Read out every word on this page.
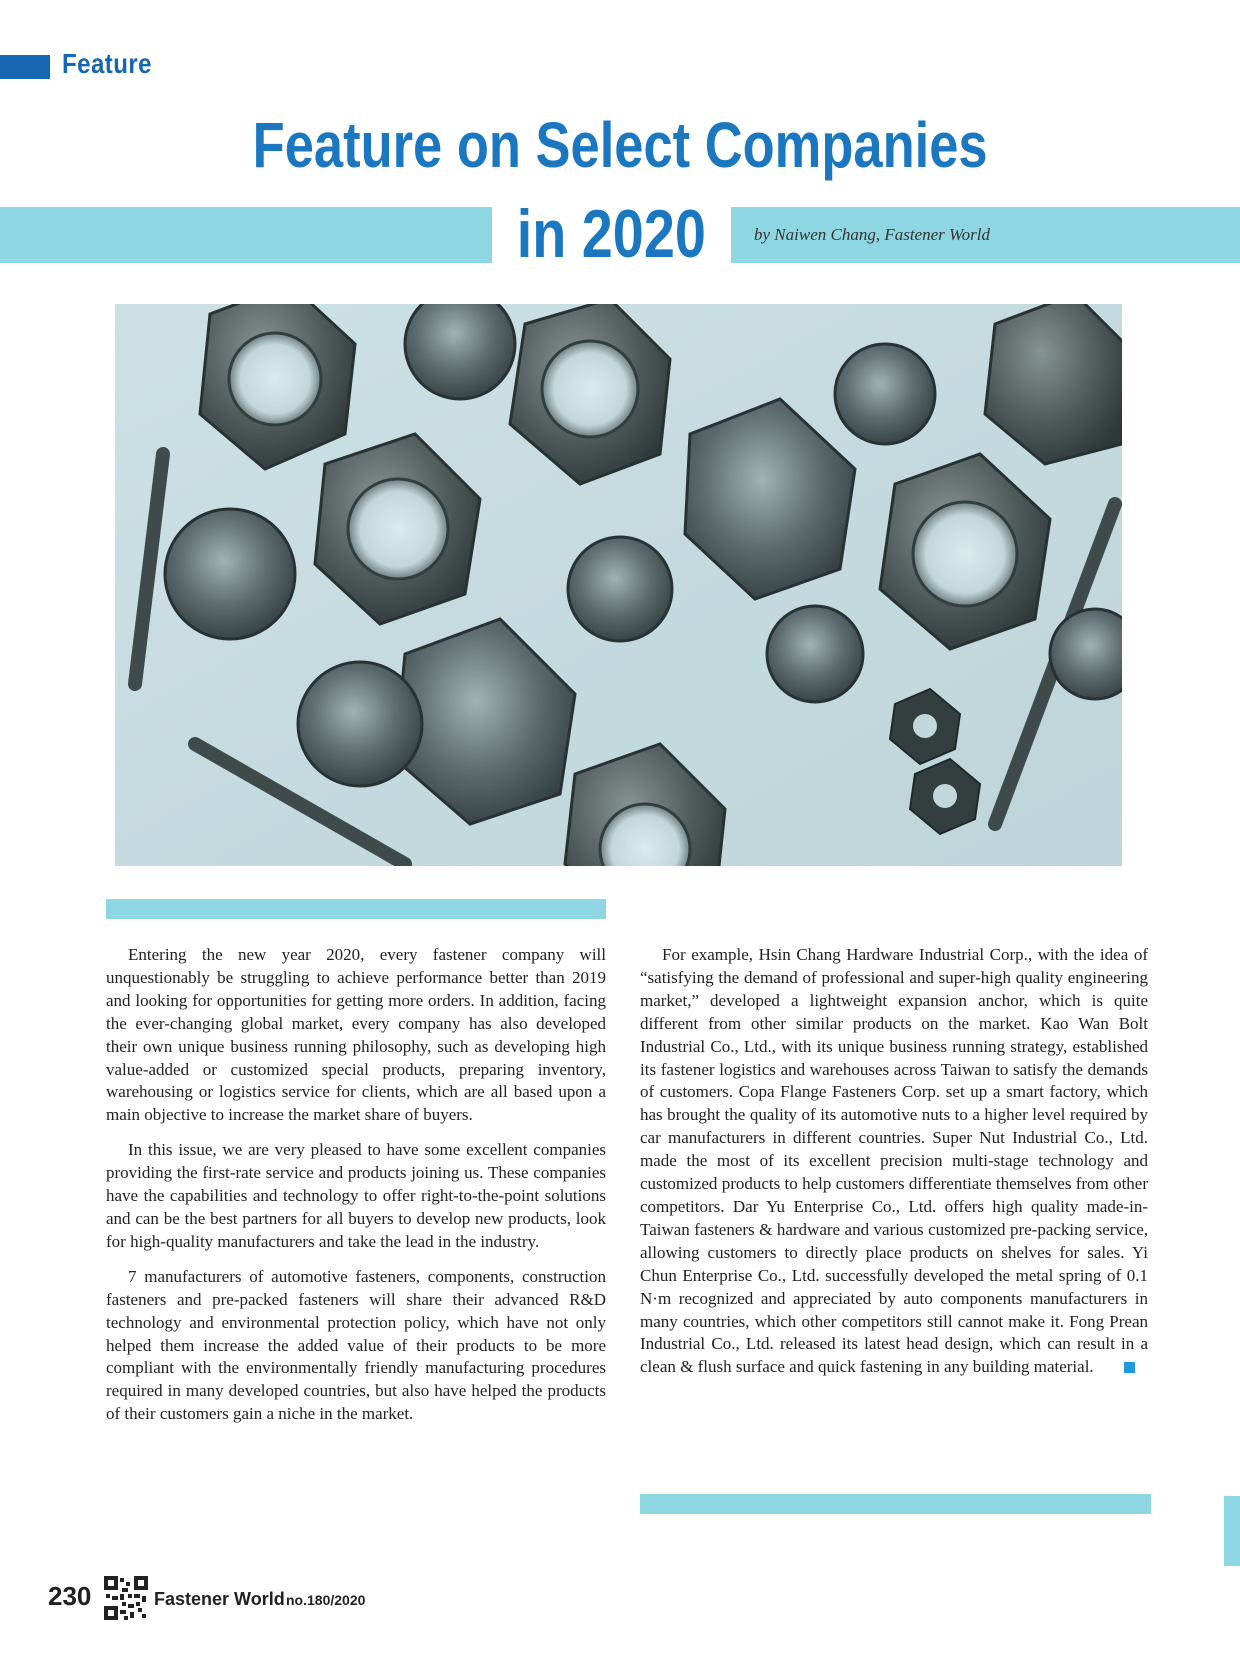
Feature
Feature on Select Companies
in 2020	by Naiwen Chang, Fastener World

Entering the new year 2020, every fastener company will unquestionably be struggling to achieve performance better than 2019 and looking for opportunities for getting more orders. In addition, facing the ever-changing global market, every company has also developed their own unique business running philosophy, such as developing high value-added or customized special products, preparing inventory, warehousing or logistics service for clients, which are all based upon a main objective to increase the market share of buyers.

In this issue, we are very pleased to have some excellent companies providing the first-rate service and products joining us. These companies have the capabilities and technology to offer right-to-the-point solutions and can be the best partners for all buyers to develop new products, look for high-quality manufacturers and take the lead in the industry.

7 manufacturers of automotive fasteners, components, construction fasteners and pre-packed fasteners will share their advanced R&D technology and environmental protection policy, which have not only helped them increase the added value of their products to be more compliant with the environmentally friendly manufacturing procedures required in many developed countries, but also have helped the products of their customers gain a niche in the market.

For example, Hsin Chang Hardware Industrial Corp., with the idea of “satisfying the demand of professional and super-high quality engineering market,” developed a lightweight expansion anchor, which is quite different from other similar products on the market. Kao Wan Bolt Industrial Co., Ltd., with its unique business running strategy, established its fastener logistics and warehouses across Taiwan to satisfy the demands of customers. Copa Flange Fasteners Corp. set up a smart factory, which has brought the quality of its automotive nuts to a higher level required by car manufacturers in different countries. Super Nut Industrial Co., Ltd. made the most of its excellent precision multi-stage technology and customized products to help customers differentiate themselves from other competitors. Dar Yu Enterprise Co., Ltd. offers high quality made-in-Taiwan fasteners & hardware and various customized pre-packing service, allowing customers to directly place products on shelves for sales. Yi Chun Enterprise Co., Ltd. successfully developed the metal spring of 0.1 N·m recognized and appreciated by auto components manufacturers in many countries, which other competitors still cannot make it. Fong Prean Industrial Co., Ltd. released its latest head design, which can result in a clean & flush surface and quick fastening in any building material.

230	Fastener World no.180/2020
